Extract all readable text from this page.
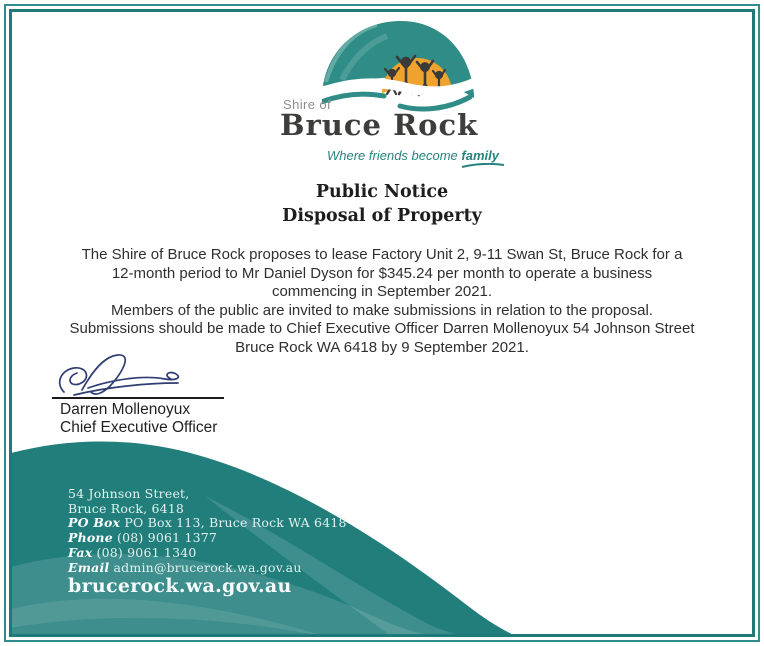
Shire of
Bruce Rock
Where friends become family
Public Notice
Disposal of Property
The Shire of Bruce Rock proposes to lease Factory Unit 2, 9-11 Swan St, Bruce Rock for a
12-month period to Mr Daniel Dyson for $345.24 per month to operate a business
commencing in September 2021.
Members of the public are invited to make submissions in relation to the proposal.
Submissions should be made to Chief Executive Officer Darren Mollenoyux 54 Johnson Street
Bruce Rock WA 6418 by 9 September 2021.
Darren Mollenoyux
Chief Executive Officer
54 Johnson Street,
Bruce Rock, 6418
PO Box PO Box 113, Bruce Rock WA 6418
Phone (08) 9061 1377
Fax (08) 9061 1340
Email admin@brucerock.wa.gov.au
brucerock.wa.gov.au
